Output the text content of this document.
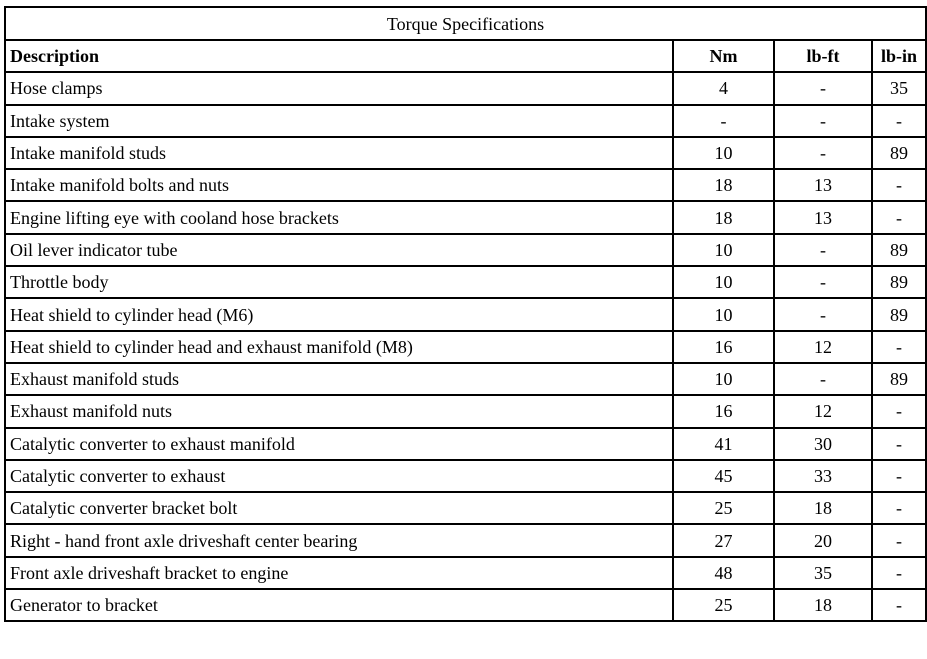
Torque Specifications			
Description	Nm	lb-ft	lb-in
Hose clamps	4	-	35
Intake system	-	-	-
Intake manifold studs	10	-	89
Intake manifold bolts and nuts	18	13	-
Engine lifting eye with cooland hose brackets	18	13	-
Oil lever indicator tube	10	-	89
Throttle body	10	-	89
Heat shield to cylinder head (M6)	10	-	89
Heat shield to cylinder head and exhaust manifold (M8)	16	12	-
Exhaust manifold studs	10	-	89
Exhaust manifold nuts	16	12	-
Catalytic converter to exhaust manifold	41	30	-
Catalytic converter to exhaust	45	33	-
Catalytic converter bracket bolt	25	18	-
Right - hand front axle driveshaft center bearing	27	20	-
Front axle driveshaft bracket to engine	48	35	-
Generator to bracket	25	18	-
